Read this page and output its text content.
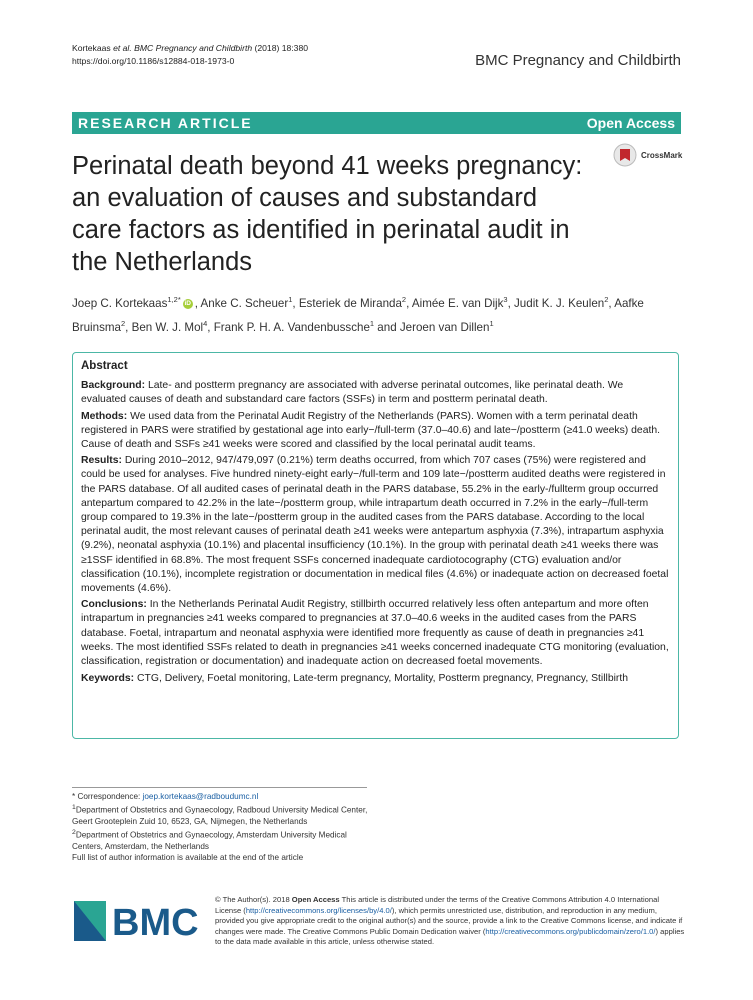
Kortekaas et al. BMC Pregnancy and Childbirth (2018) 18:380
https://doi.org/10.1186/s12884-018-1973-0	BMC Pregnancy and Childbirth
RESEARCH ARTICLE	Open Access
CrossMark
Perinatal death beyond 41 weeks pregnancy: an evaluation of causes and substandard care factors as identified in perinatal audit in the Netherlands
Joep C. Kortekaas$^{1,2*}$ iD , Anke C. Scheuer$^1$, Esteriek de Miranda$^2$, Aimée E. van Dijk$^3$, Judit K. J. Keulen$^2$, Aafke Bruinsma$^2$, Ben W. J. Mol$^4$, Frank P. H. A. Vandenbussche$^1$ and Jeroen van Dillen$^1$
Abstract

Background: Late- and postterm pregnancy are associated with adverse perinatal outcomes, like perinatal death. We evaluated causes of death and substandard care factors (SSFs) in term and postterm perinatal death.

Methods: We used data from the Perinatal Audit Registry of the Netherlands (PARS). Women with a term perinatal death registered in PARS were stratified by gestational age into early−/full-term (37.0–40.6) and late−/postterm (≥41.0 weeks) death. Cause of death and SSFs ≥41 weeks were scored and classified by the local perinatal audit teams.

Results: During 2010–2012, 947/479,097 (0.21%) term deaths occurred, from which 707 cases (75%) were registered and could be used for analyses. Five hundred ninety-eight early−/full-term and 109 late−/postterm audited deaths were registered in the PARS database. Of all audited cases of perinatal death in the PARS database, 55.2% in the early-/fullterm group occurred antepartum compared to 42.2% in the late−/postterm group, while intrapartum death occurred in 7.2% in the early−/full-term group compared to 19.3% in the late−/postterm group in the audited cases from the PARS database. According to the local perinatal audit, the most relevant causes of perinatal death ≥41 weeks were antepartum asphyxia (7.3%), intrapartum asphyxia (9.2%), neonatal asphyxia (10.1%) and placental insufficiency (10.1%). In the group with perinatal death ≥41 weeks there was ≥1SSF identified in 68.8%. The most frequent SSFs concerned inadequate cardiotocography (CTG) evaluation and/or classification (10.1%), incomplete registration or documentation in medical files (4.6%) or inadequate action on decreased foetal movements (4.6%).

Conclusions: In the Netherlands Perinatal Audit Registry, stillbirth occurred relatively less often antepartum and more often intrapartum in pregnancies ≥41 weeks compared to pregnancies at 37.0–40.6 weeks in the audited cases from the PARS database. Foetal, intrapartum and neonatal asphyxia were identified more frequently as cause of death in pregnancies ≥41 weeks. The most identified SSFs related to death in pregnancies ≥41 weeks concerned inadequate CTG monitoring (evaluation, classification, registration or documentation) and inadequate action on decreased foetal movements.

Keywords: CTG, Delivery, Foetal monitoring, Late-term pregnancy, Mortality, Postterm pregnancy, Pregnancy, Stillbirth

* Correspondence: joep.kortekaas@radboudumc.nl
$^1$Department of Obstetrics and Gynaecology, Radboud University Medical Center, Geert Grooteplein Zuid 10, 6523, GA, Nijmegen, the Netherlands
$^2$Department of Obstetrics and Gynaecology, Amsterdam University Medical Centers, Amsterdam, the Netherlands
Full list of author information is available at the end of the article
BMC
© The Author(s). 2018 Open Access This article is distributed under the terms of the Creative Commons Attribution 4.0 International License (http://creativecommons.org/licenses/by/4.0/), which permits unrestricted use, distribution, and reproduction in any medium, provided you give appropriate credit to the original author(s) and the source, provide a link to the Creative Commons license, and indicate if changes were made. The Creative Commons Public Domain Dedication waiver (http://creativecommons.org/publicdomain/zero/1.0/) applies to the data made available in this article, unless otherwise stated.
